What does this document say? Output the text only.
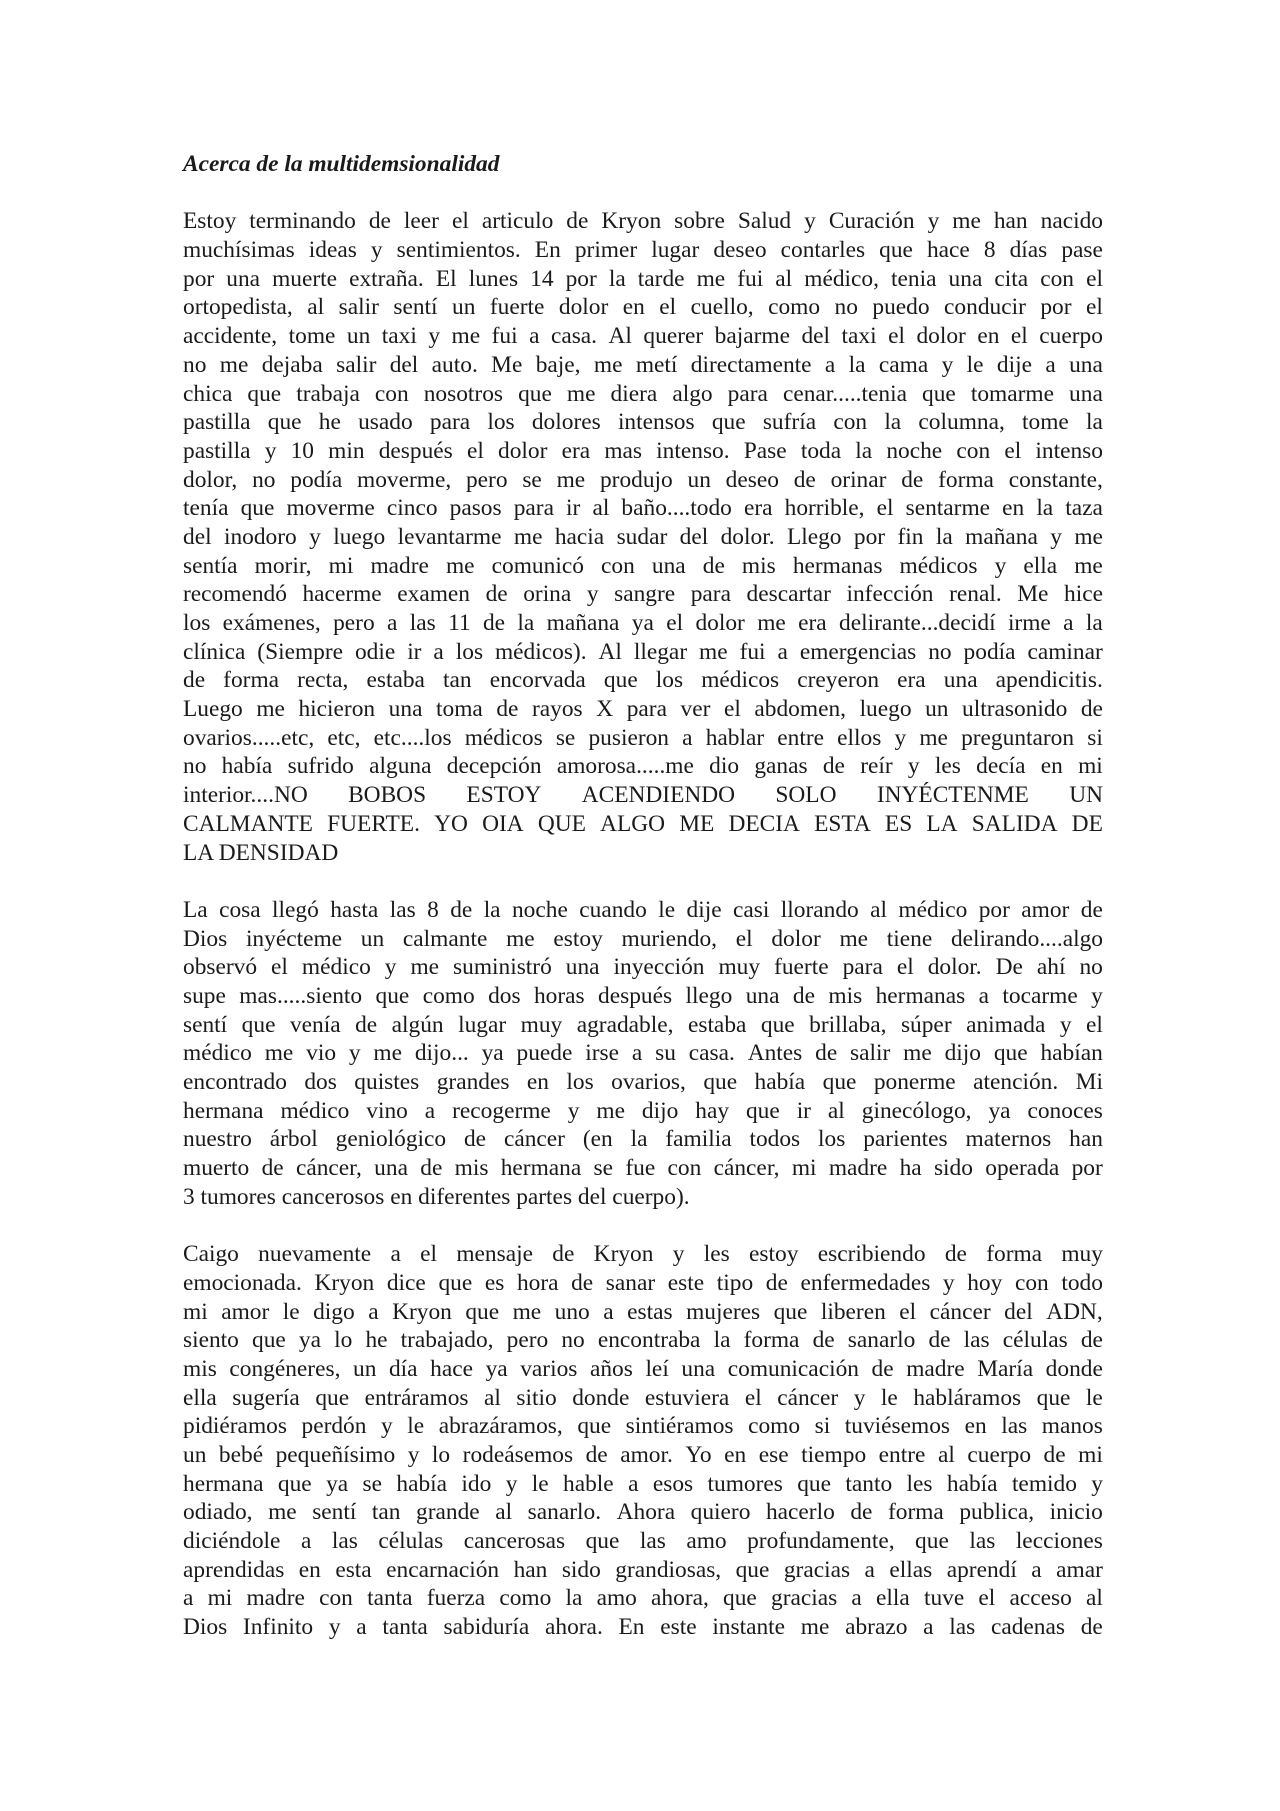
Acerca de la multidemsionalidad
Estoy terminando de leer el articulo de Kryon sobre Salud y Curación y me han nacido
muchísimas ideas y sentimientos. En primer lugar deseo contarles que hace 8 días pase
por una muerte extraña. El lunes 14 por la tarde me fui al médico, tenia una cita con el
ortopedista, al salir sentí un fuerte dolor en el cuello, como no puedo conducir por el
accidente, tome un taxi y me fui a casa. Al querer bajarme del taxi el dolor en el cuerpo
no me dejaba salir del auto. Me baje, me metí directamente a la cama y le dije a una
chica que trabaja con nosotros que me diera algo para cenar.....tenia que tomarme una
pastilla que he usado para los dolores intensos que sufría con la columna, tome la
pastilla y 10 min después el dolor era mas intenso. Pase toda la noche con el intenso
dolor, no podía moverme, pero se me produjo un deseo de orinar de forma constante,
tenía que moverme cinco pasos para ir al baño....todo era horrible, el sentarme en la taza
del inodoro y luego levantarme me hacia sudar del dolor. Llego por fin la mañana y me
sentía morir, mi madre me comunicó con una de mis hermanas médicos y ella me
recomendó hacerme examen de orina y sangre para descartar infección renal. Me hice
los exámenes, pero a las 11 de la mañana ya el dolor me era delirante...decidí irme a la
clínica (Siempre odie ir a los médicos). Al llegar me fui a emergencias no podía caminar
de forma recta, estaba tan encorvada que los médicos creyeron era una apendicitis.
Luego me hicieron una toma de rayos X para ver el abdomen, luego un ultrasonido de
ovarios.....etc, etc, etc....los médicos se pusieron a hablar entre ellos y me preguntaron si
no había sufrido alguna decepción amorosa.....me dio ganas de reír y les decía en mi
interior....NO BOBOS ESTOY ACENDIENDO SOLO INYÉCTENME UN
CALMANTE FUERTE. YO OIA QUE ALGO ME DECIA ESTA ES LA SALIDA DE
LA DENSIDAD
La cosa llegó hasta las 8 de la noche cuando le dije casi llorando al médico por amor de
Dios inyécteme un calmante me estoy muriendo, el dolor me tiene delirando....algo
observó el médico y me suministró una inyección muy fuerte para el dolor. De ahí no
supe mas.....siento que como dos horas después llego una de mis hermanas a tocarme y
sentí que venía de algún lugar muy agradable, estaba que brillaba, súper animada y el
médico me vio y me dijo... ya puede irse a su casa. Antes de salir me dijo que habían
encontrado dos quistes grandes en los ovarios, que había que ponerme atención. Mi
hermana médico vino a recogerme y me dijo hay que ir al ginecólogo, ya conoces
nuestro árbol geniológico de cáncer (en la familia todos los parientes maternos han
muerto de cáncer, una de mis hermana se fue con cáncer, mi madre ha sido operada por
3 tumores cancerosos en diferentes partes del cuerpo).
Caigo nuevamente a el mensaje de Kryon y les estoy escribiendo de forma muy
emocionada. Kryon dice que es hora de sanar este tipo de enfermedades y hoy con todo
mi amor le digo a Kryon que me uno a estas mujeres que liberen el cáncer del ADN,
siento que ya lo he trabajado, pero no encontraba la forma de sanarlo de las células de
mis congéneres, un día hace ya varios años leí una comunicación de madre María donde
ella sugería que entráramos al sitio donde estuviera el cáncer y le habláramos que le
pidiéramos perdón y le abrazáramos, que sintiéramos como si tuviésemos en las manos
un bebé pequeñísimo y lo rodeásemos de amor. Yo en ese tiempo entre al cuerpo de mi
hermana que ya se había ido y le hable a esos tumores que tanto les había temido y
odiado, me sentí tan grande al sanarlo. Ahora quiero hacerlo de forma publica, inicio
diciéndole a las células cancerosas que las amo profundamente, que las lecciones
aprendidas en esta encarnación han sido grandiosas, que gracias a ellas aprendí a amar
a mi madre con tanta fuerza como la amo ahora, que gracias a ella tuve el acceso al
Dios Infinito y a tanta sabiduría ahora. En este instante me abrazo a las cadenas de
